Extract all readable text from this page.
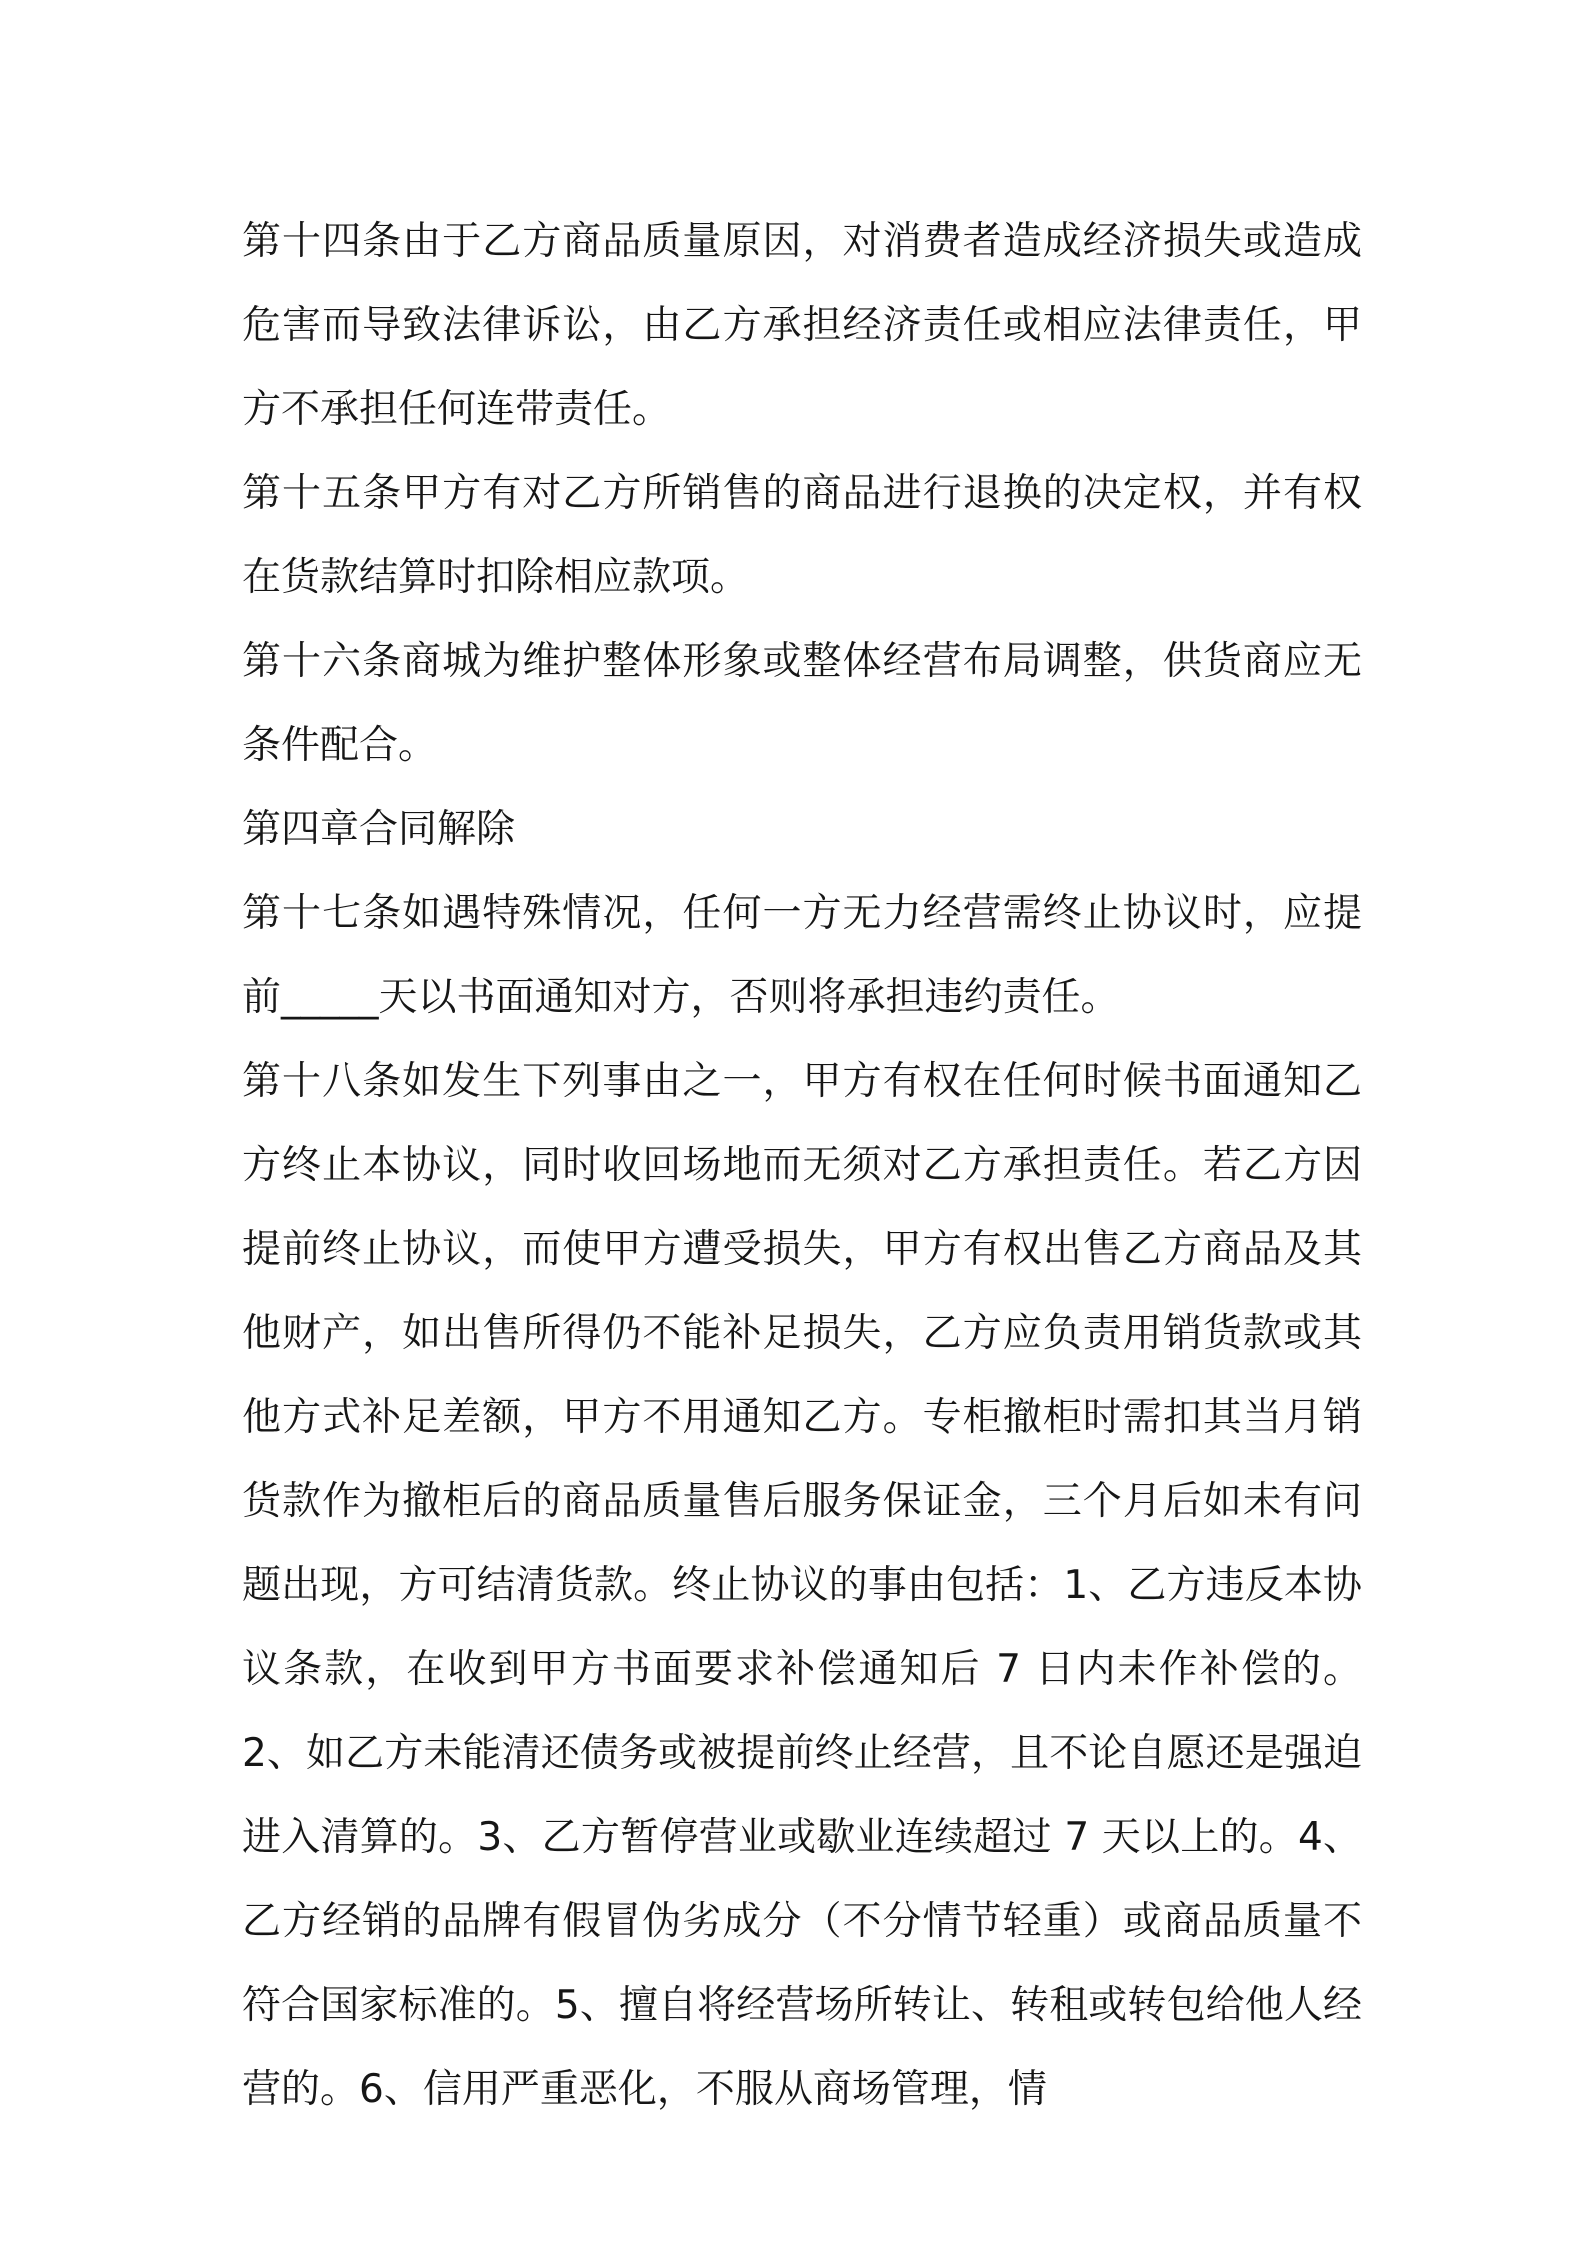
第十四条由于乙方商品质量原因，对消费者造成经济损失或造成危害而导致法律诉讼，由乙方承担经济责任或相应法律责任，甲方不承担任何连带责任。

第十五条甲方有对乙方所销售的商品进行退换的决定权，并有权在货款结算时扣除相应款项。

第十六条商城为维护整体形象或整体经营布局调整，供货商应无条件配合。

第四章合同解除

第十七条如遇特殊情况，任何一方无力经营需终止协议时，应提前_____天以书面通知对方，否则将承担违约责任。

第十八条如发生下列事由之一，甲方有权在任何时候书面通知乙方终止本协议，同时收回场地而无须对乙方承担责任。若乙方因提前终止协议，而使甲方遭受损失，甲方有权出售乙方商品及其他财产，如出售所得仍不能补足损失，乙方应负责用销货款或其他方式补足差额，甲方不用通知乙方。专柜撤柜时需扣其当月销货款作为撤柜后的商品质量售后服务保证金，三个月后如未有问题出现，方可结清货款。终止协议的事由包括：1、乙方违反本协议条款，在收到甲方书面要求补偿通知后 7 日内未作补偿的。2、如乙方未能清还债务或被提前终止经营，且不论自愿还是强迫进入清算的。3、乙方暂停营业或歇业连续超过 7 天以上的。4、乙方经销的品牌有假冒伪劣成分（不分情节轻重）或商品质量不符合国家标准的。5、擅自将经营场所转让、转租或转包给他人经营的。6、信用严重恶化，不服从商场管理，情
